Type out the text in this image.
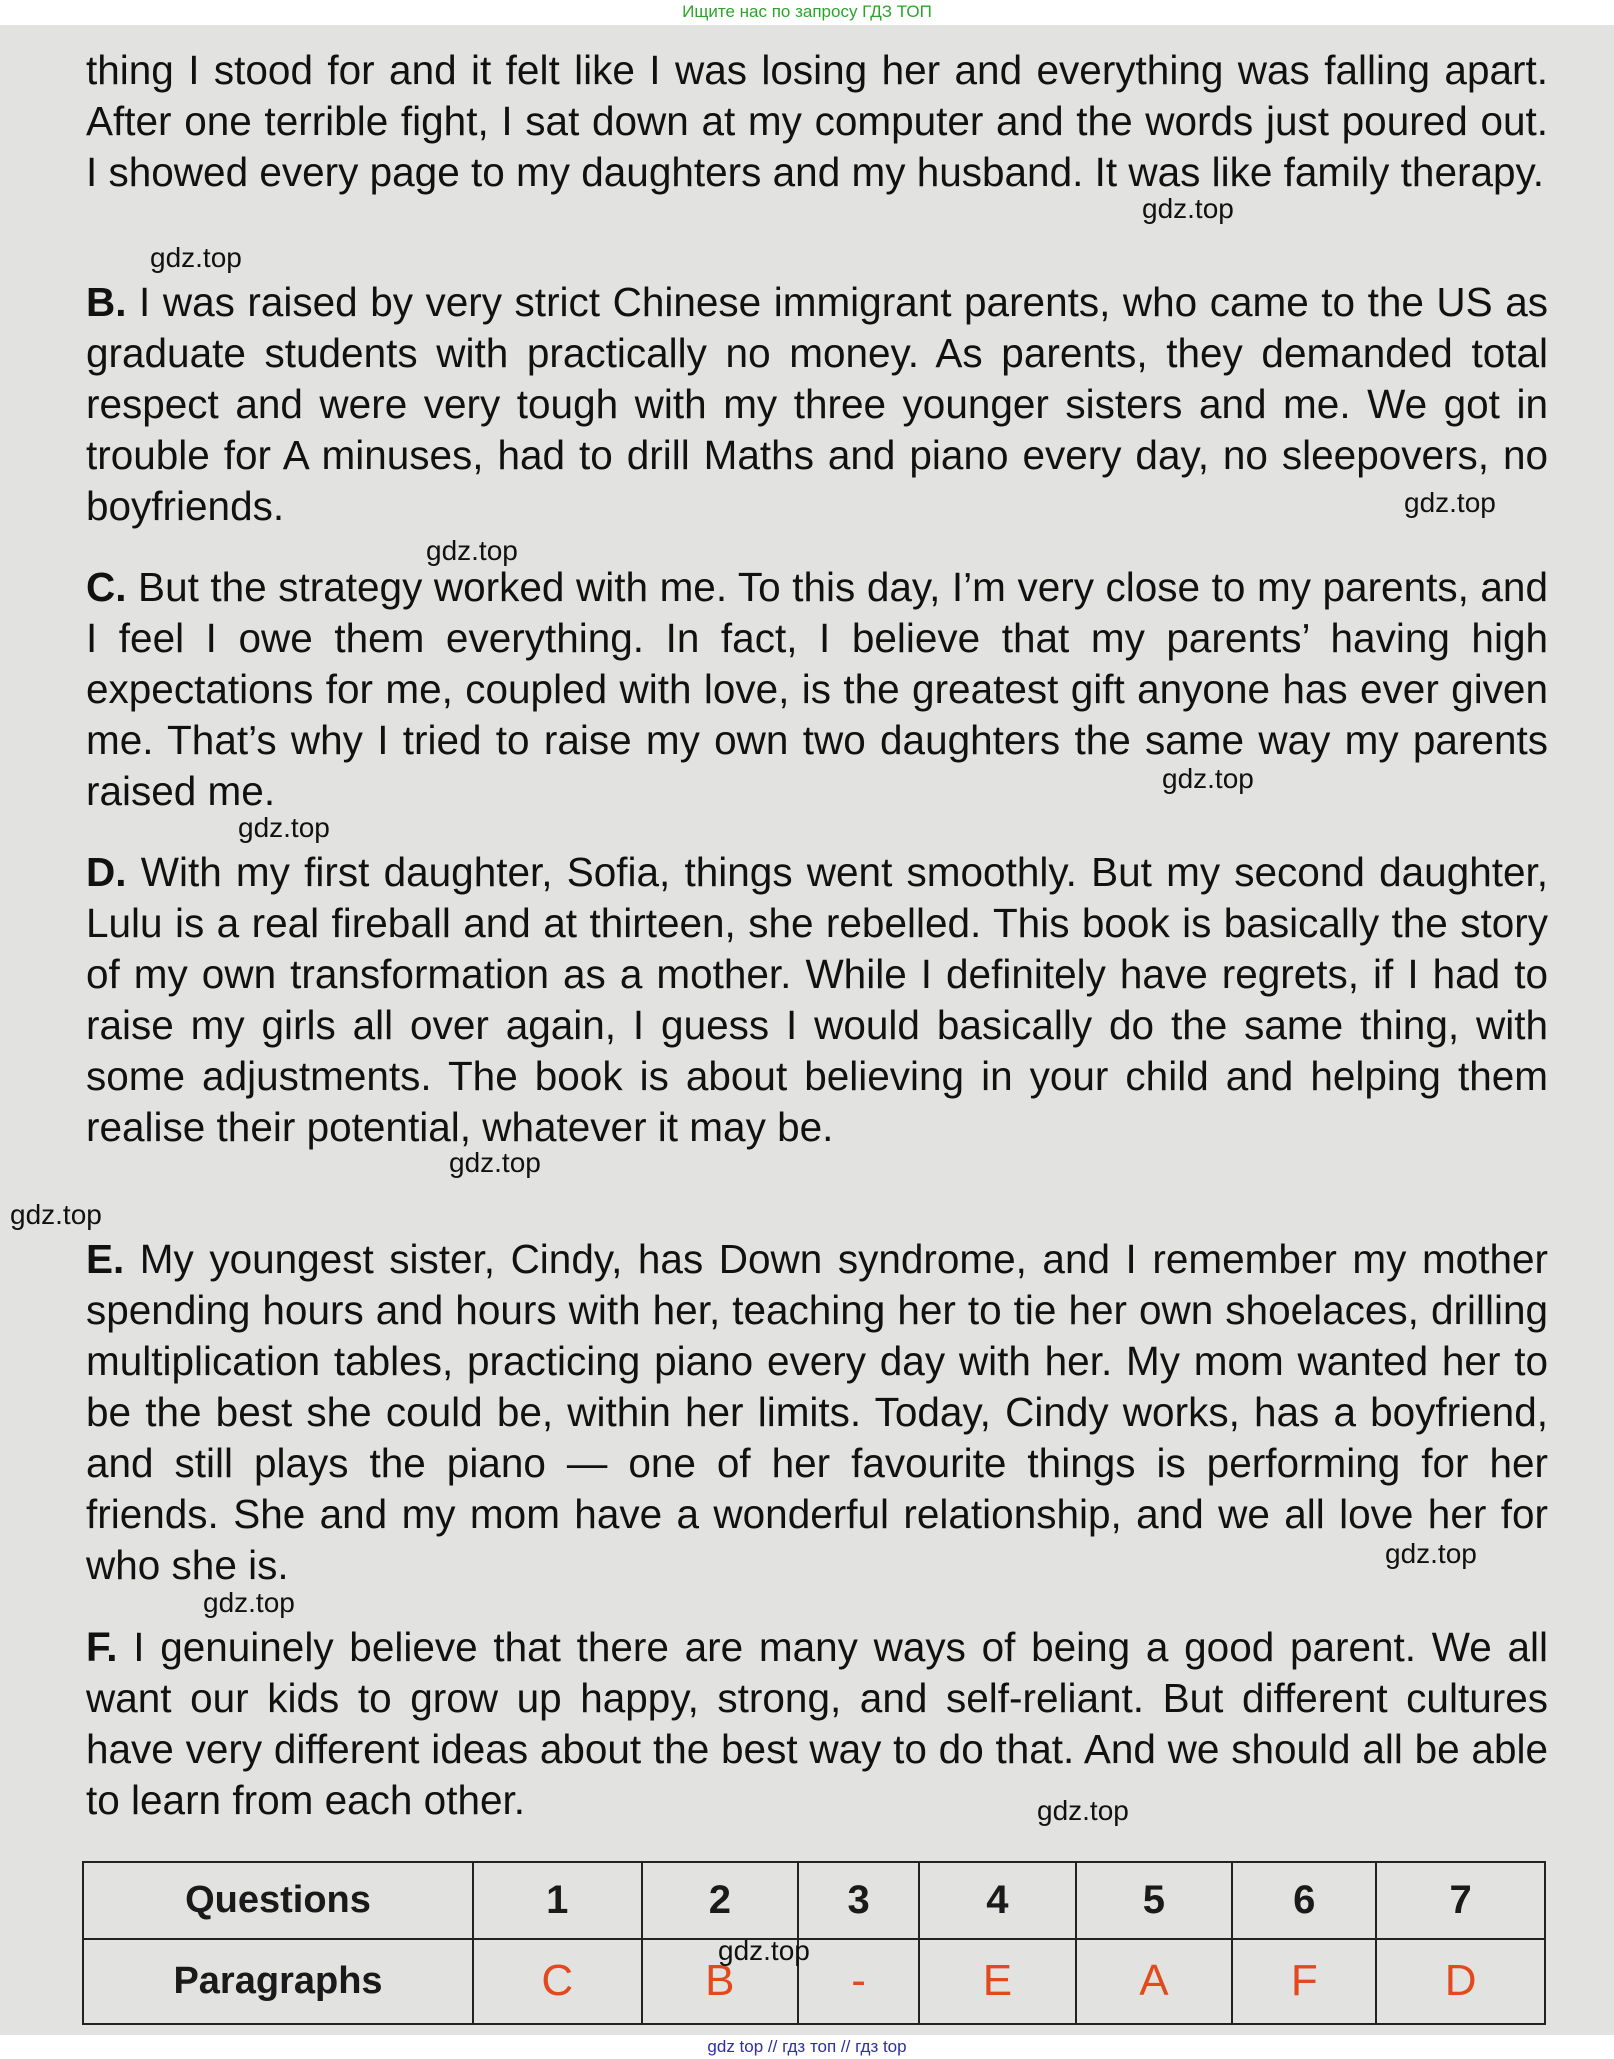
Ищите нас по запросу ГДЗ ТОП
thing I stood for and it felt like I was losing her and everything was falling apart. After one terrible fight, I sat down at my computer and the words just poured out. I showed every page to my daughters and my husband. It was like family therapy.
B. I was raised by very strict Chinese immigrant parents, who came to the US as graduate students with practically no money. As parents, they demanded total respect and were very tough with my three younger sisters and me. We got in trouble for A minuses, had to drill Maths and piano every day, no sleepovers, no boyfriends.
C. But the strategy worked with me. To this day, I’m very close to my parents, and I feel I owe them everything. In fact, I believe that my parents’ having high expectations for me, coupled with love, is the greatest gift anyone has ever given me. That’s why I tried to raise my own two daughters the same way my parents raised me.
D. With my first daughter, Sofia, things went smoothly. But my second daughter, Lulu is a real fireball and at thirteen, she rebelled. This book is basically the story of my own transformation as a mother. While I definitely have regrets, if I had to raise my girls all over again, I guess I would basically do the same thing, with some adjustments. The book is about believing in your child and helping them realise their potential, whatever it may be.
E. My youngest sister, Cindy, has Down syndrome, and I remember my mother spending hours and hours with her, teaching her to tie her own shoelaces, drilling multiplication tables, practicing piano every day with her. My mom wanted her to be the best she could be, within her limits. Today, Cindy works, has a boyfriend, and still plays the piano — one of her favourite things is performing for her friends. She and my mom have a wonderful relationship, and we all love her for who she is.
F. I genuinely believe that there are many ways of being a good parent. We all want our kids to grow up happy, strong, and self-reliant. But different cultures have very different ideas about the best way to do that. And we should all be able to learn from each other.
gdz.top
gdz.top
gdz.top
gdz.top
gdz.top
gdz.top
gdz.top
gdz.top
gdz.top
gdz.top
gdz.top
Questions	1	2	3	4	5	6	7
Paragraphs	C	B	-	E	A	F	D
gdz.top
gdz top // гдз топ // гдз top
